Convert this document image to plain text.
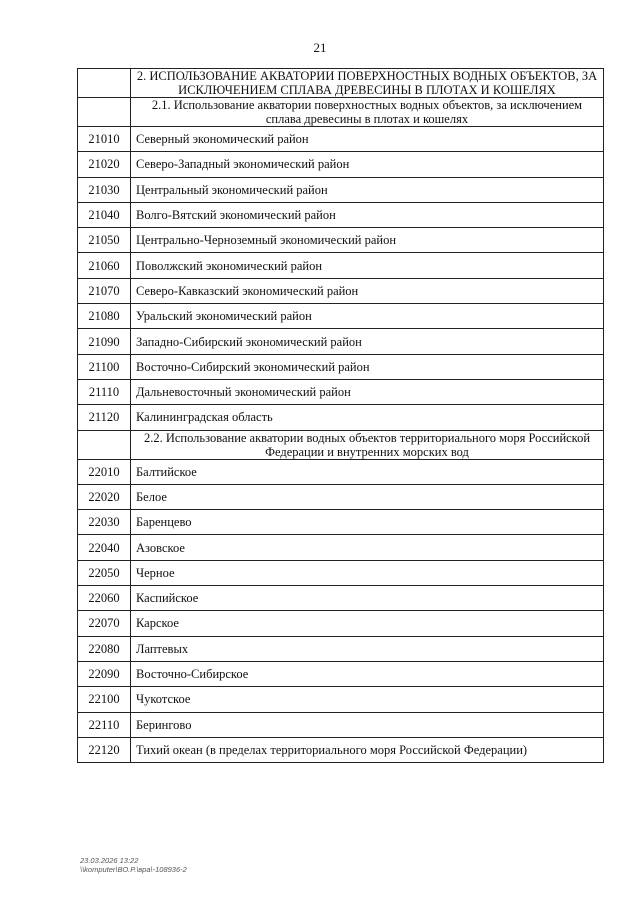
21
	2. ИСПОЛЬЗОВАНИЕ АКВАТОРИИ ПОВЕРХНОСТНЫХ ВОДНЫХ ОБЪЕКТОВ, ЗА ИСКЛЮЧЕНИЕМ СПЛАВА ДРЕВЕСИНЫ В ПЛОТАХ И КОШЕЛЯХ
	2.1. Использование акватории поверхностных водных объектов, за исключением сплава древесины в плотах и кошелях
21010	Северный экономический район
21020	Северо-Западный экономический район
21030	Центральный экономический район
21040	Волго-Вятский экономический район
21050	Центрально-Черноземный экономический район
21060	Поволжский экономический район
21070	Северо-Кавказский экономический район
21080	Уральский экономический район
21090	Западно-Сибирский экономический район
21100	Восточно-Сибирский экономический район
21110	Дальневосточный экономический район
21120	Калининградская область
	2.2. Использование акватории водных объектов территориального моря Российской Федерации и внутренних морских вод
22010	Балтийское
22020	Белое
22030	Баренцево
22040	Азовское
22050	Черное
22060	Каспийское
22070	Карское
22080	Лаптевых
22090	Восточно-Сибирское
22100	Чукотское
22110	Берингово
22120	Тихий океан (в пределах территориального моря Российской Федерации)
23.03.2026 13:22
\\komputer\ВО.Р.\вра\-108936-2
